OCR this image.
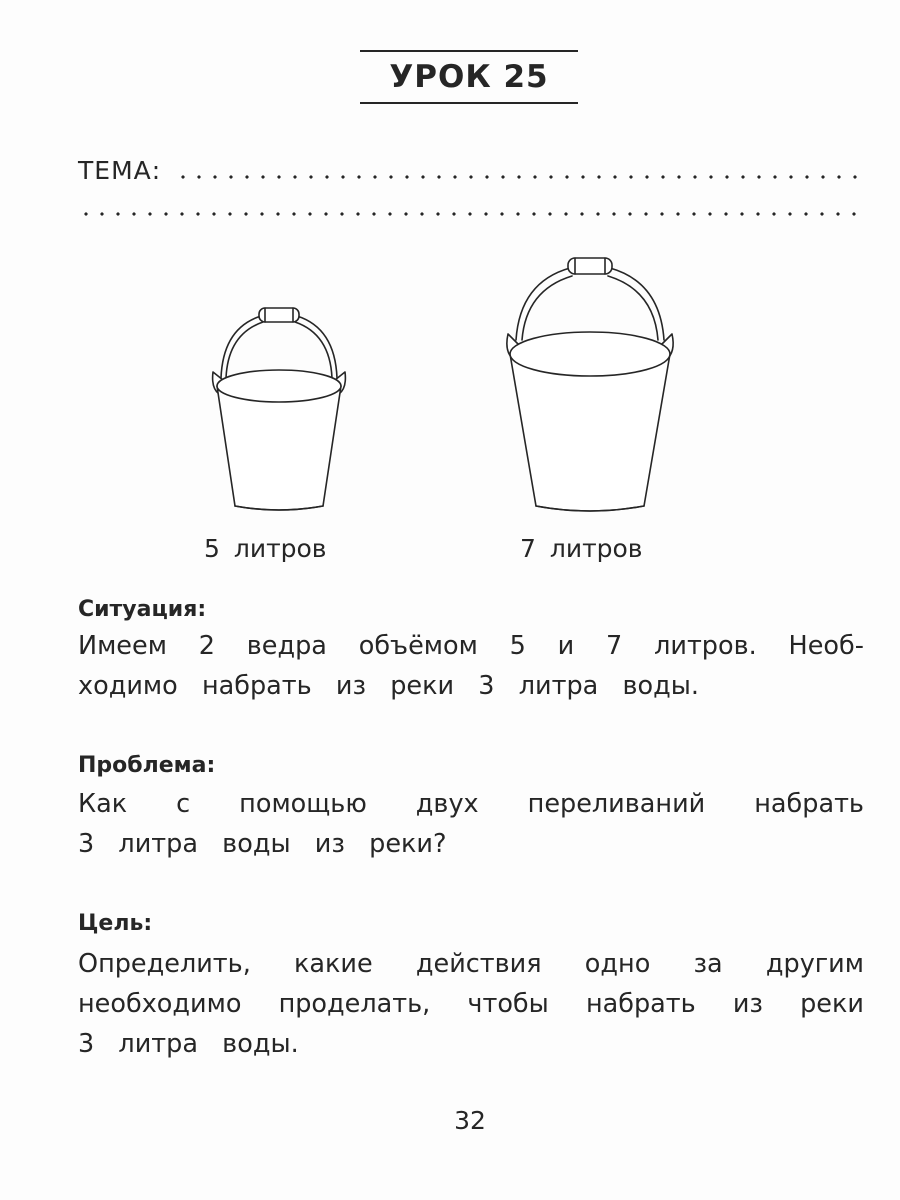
УРОК 25
ТЕМА:
5 литров	7 литров
Ситуация:
Имеем 2 ведра объёмом 5 и 7 литров. Необ-
ходимо  набрать  из  реки  3  литра  воды.
Проблема:
Как с помощью двух переливаний набрать
3  литра  воды  из  реки?
Цель:
Определить, какие действия одно за другим
необходимо проделать, чтобы набрать из реки
3  литра  воды.
32
